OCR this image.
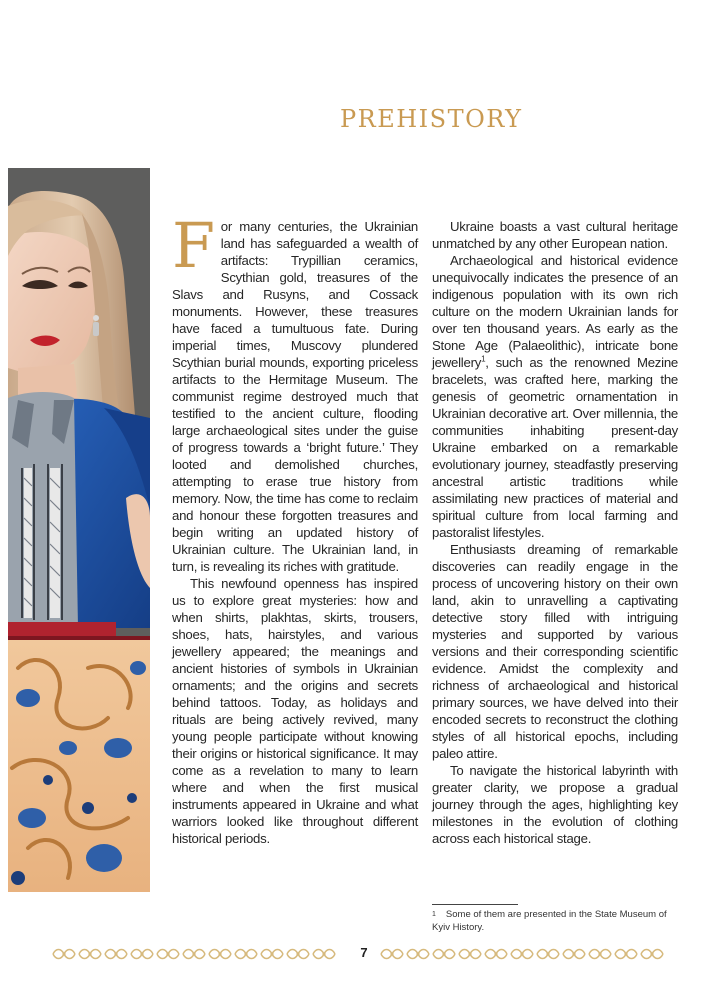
PREHISTORY

For many centuries, the Ukrainian land has safeguarded a wealth of artifacts: Trypillian ceramics, Scythian gold, treasures of the Slavs and Rusyns, and Cossack monuments. However, these treasures have faced a tumultuous fate. During imperial times, Muscovy plundered Scythian burial mounds, exporting priceless artifacts to the Hermitage Museum. The communist regime destroyed much that testified to the ancient culture, flooding large archaeological sites under the guise of progress towards a ‘bright future.’ They looted and demolished churches, attempting to erase true history from memory. Now, the time has come to reclaim and honour these forgotten treasures and begin writing an updated history of Ukrainian culture. The Ukrainian land, in turn, is revealing its riches with gratitude.

This newfound openness has inspired us to explore great mysteries: how and when shirts, plakhtas, skirts, trousers, shoes, hats, hairstyles, and various jewellery appeared; the meanings and ancient histories of symbols in Ukrainian ornaments; and the origins and secrets behind tattoos. Today, as holidays and rituals are being actively revived, many young people participate without knowing their origins or historical significance. It may come as a revelation to many to learn where and when the first musical instruments appeared in Ukraine and what warriors looked like throughout different historical periods.

Ukraine boasts a vast cultural heritage unmatched by any other European nation.

Archaeological and historical evidence unequivocally indicates the presence of an indigenous population with its own rich culture on the modern Ukrainian lands for over ten thousand years. As early as the Stone Age (Palaeolithic), intricate bone jewellery$^1$, such as the renowned Mezine bracelets, was crafted here, marking the genesis of geometric ornamentation in Ukrainian decorative art. Over millennia, the communities inhabiting present-day Ukraine embarked on a remarkable evolutionary journey, steadfastly preserving ancestral artistic traditions while assimilating new practices of material and spiritual culture from local farming and pastoralist lifestyles.

Enthusiasts dreaming of remarkable discoveries can readily engage in the process of uncovering history on their own land, akin to unravelling a captivating detective story filled with intriguing mysteries and supported by various versions and their corresponding scientific evidence. Amidst the complexity and richness of archaeological and historical primary sources, we have delved into their encoded secrets to reconstruct the clothing styles of all historical epochs, including paleo attire.

To navigate the historical labyrinth with greater clarity, we propose a gradual journey through the ages, highlighting key milestones in the evolution of clothing across each historical stage.

$^1$ Some of them are presented in the State Museum of Kyiv History.
7
